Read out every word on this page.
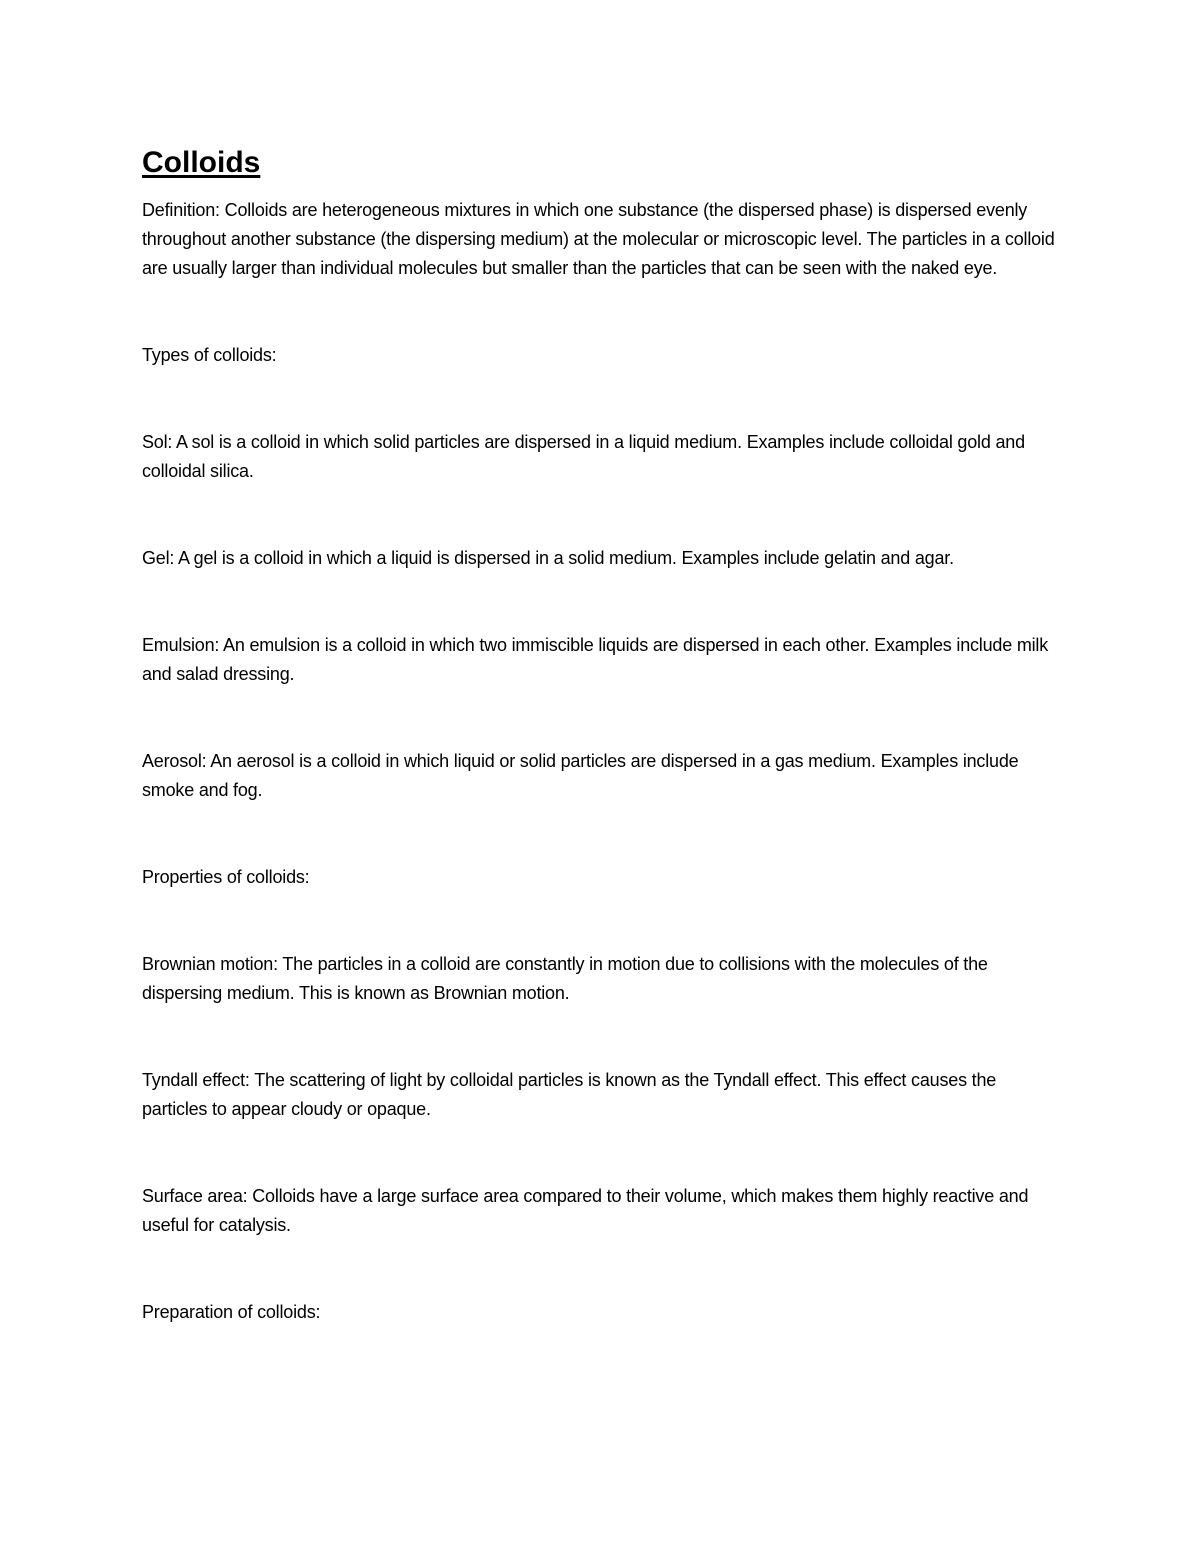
Colloids

Definition: Colloids are heterogeneous mixtures in which one substance (the dispersed phase) is dispersed evenly throughout another substance (the dispersing medium) at the molecular or microscopic level. The particles in a colloid are usually larger than individual molecules but smaller than the particles that can be seen with the naked eye.

Types of colloids:

Sol: A sol is a colloid in which solid particles are dispersed in a liquid medium. Examples include colloidal gold and colloidal silica.

Gel: A gel is a colloid in which a liquid is dispersed in a solid medium. Examples include gelatin and agar.

Emulsion: An emulsion is a colloid in which two immiscible liquids are dispersed in each other. Examples include milk and salad dressing.

Aerosol: An aerosol is a colloid in which liquid or solid particles are dispersed in a gas medium. Examples include smoke and fog.

Properties of colloids:

Brownian motion: The particles in a colloid are constantly in motion due to collisions with the molecules of the dispersing medium. This is known as Brownian motion.

Tyndall effect: The scattering of light by colloidal particles is known as the Tyndall effect. This effect causes the particles to appear cloudy or opaque.

Surface area: Colloids have a large surface area compared to their volume, which makes them highly reactive and useful for catalysis.

Preparation of colloids:
